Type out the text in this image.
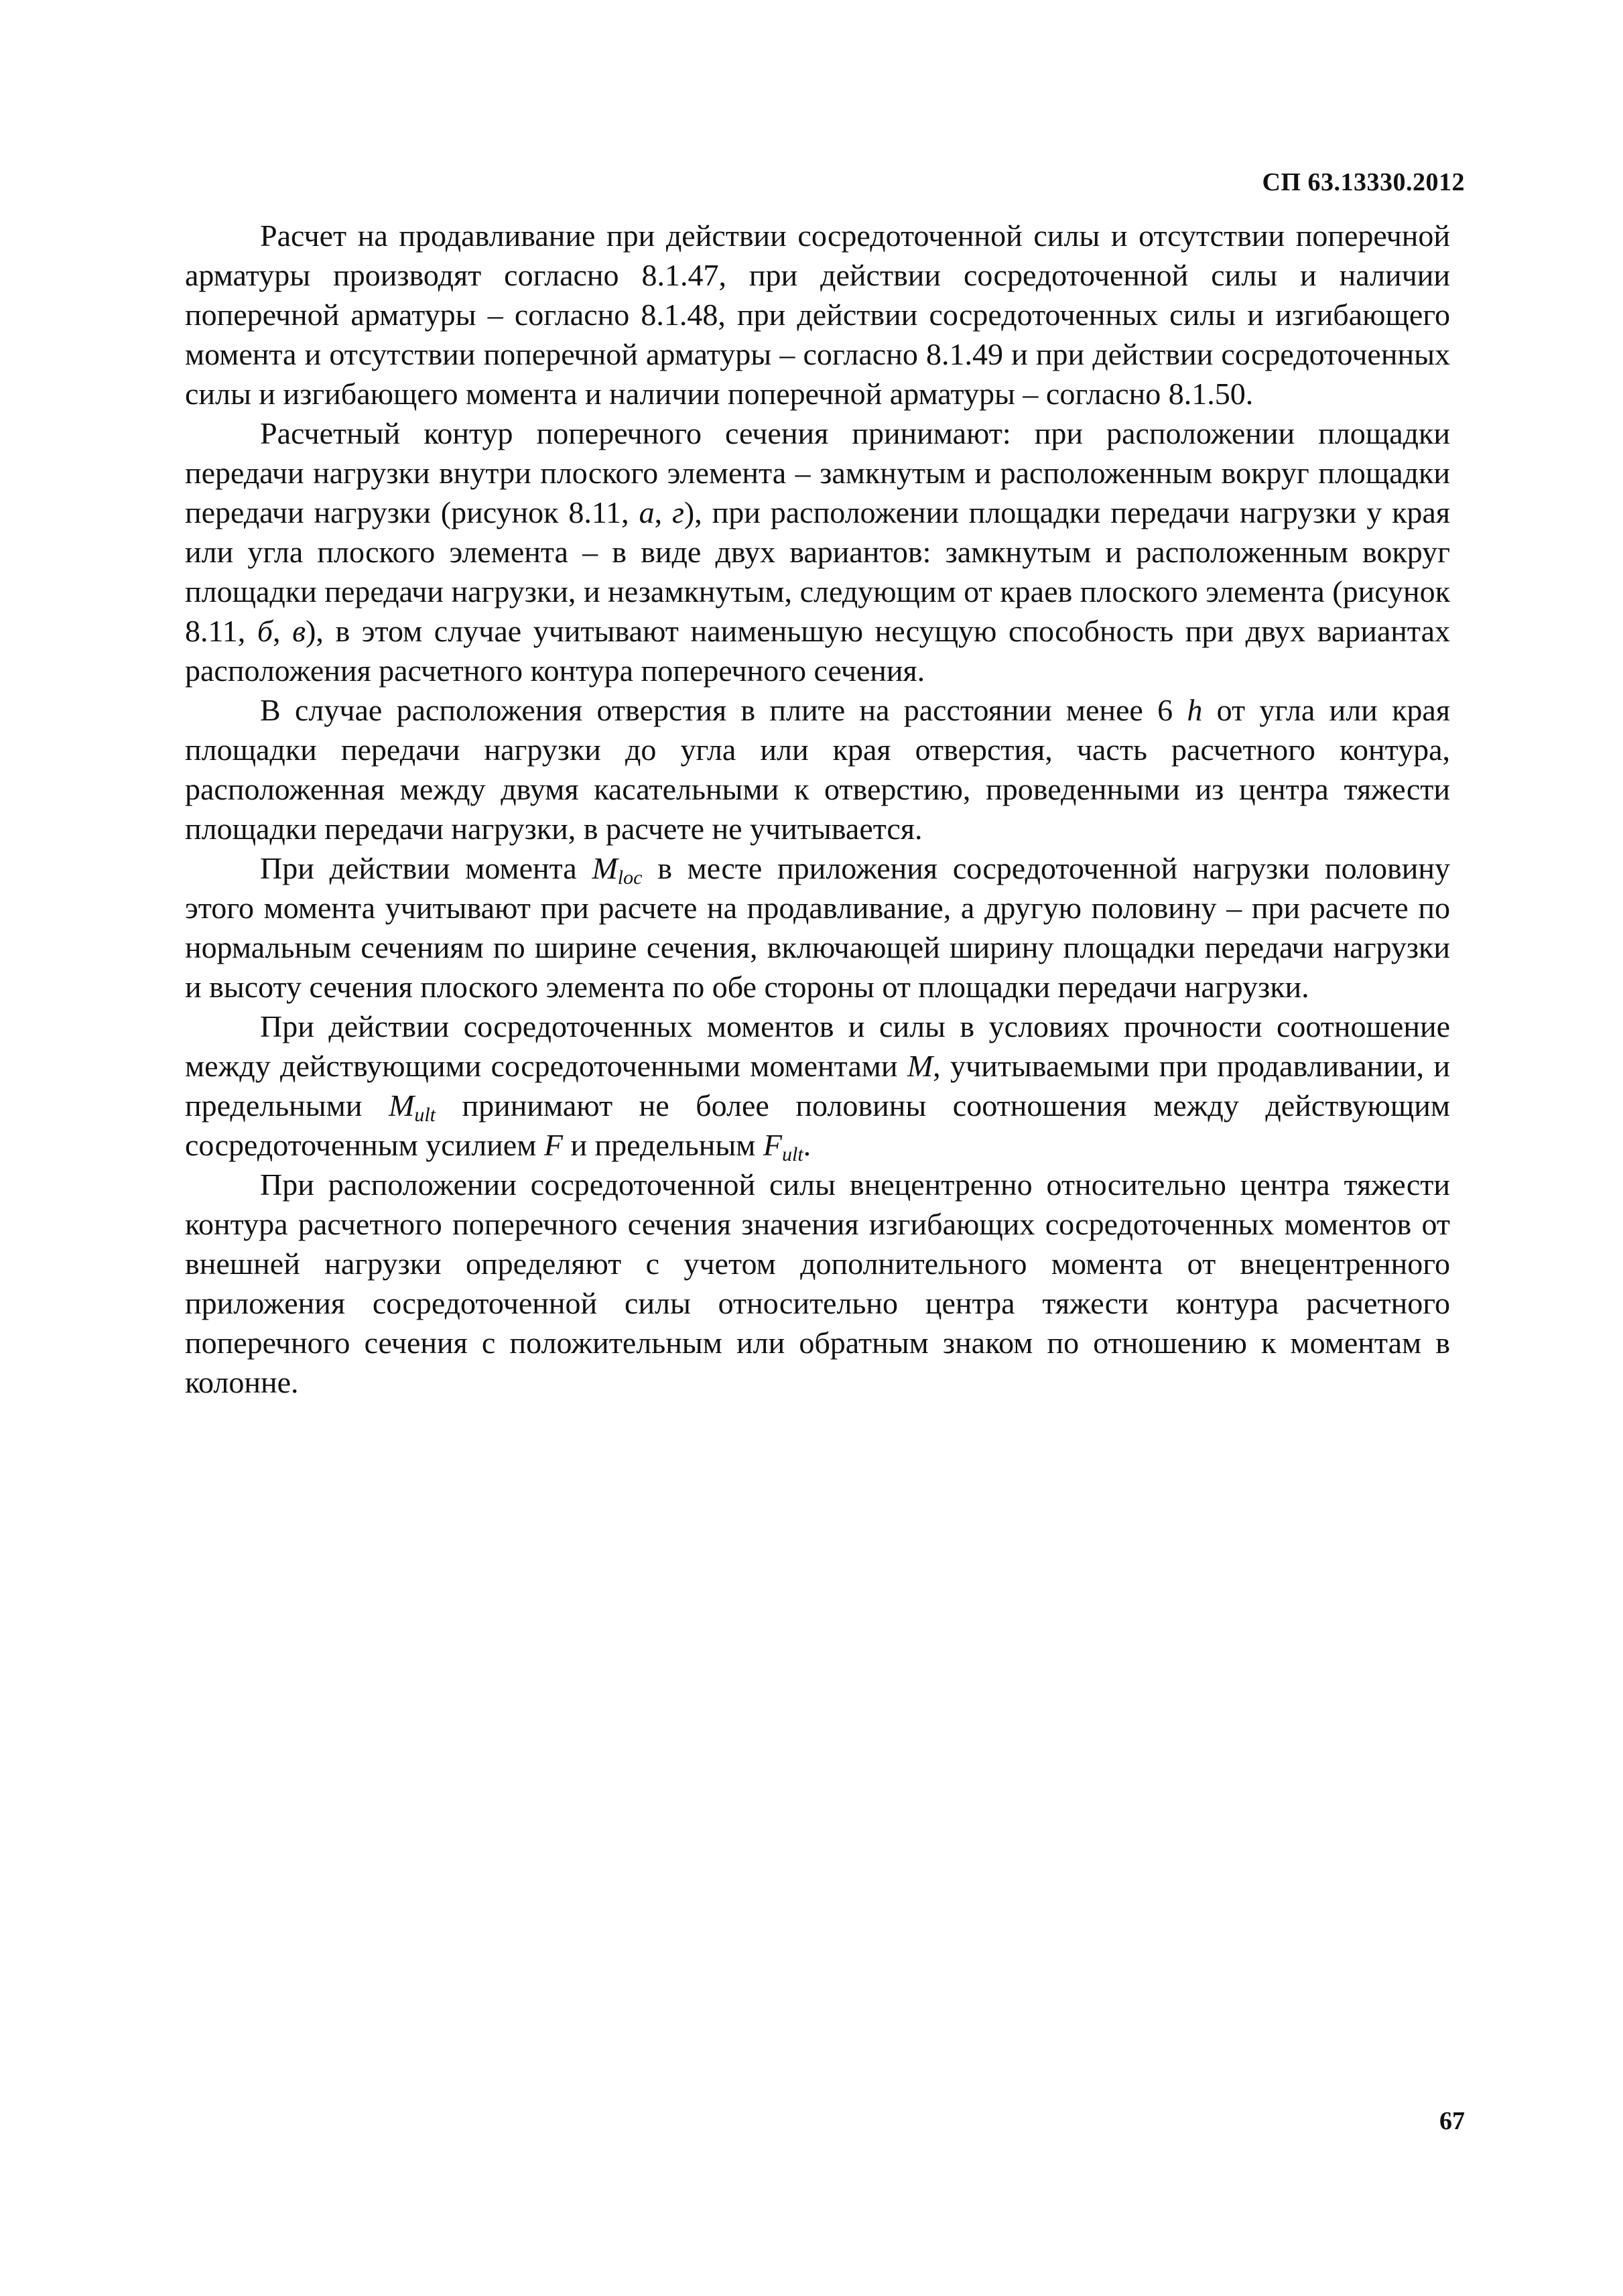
СП 63.13330.2012

Расчет на продавливание при действии сосредоточенной силы и отсутствии поперечной арматуры производят согласно 8.1.47, при действии сосредоточенной силы и наличии поперечной арматуры – согласно 8.1.48, при действии сосредоточенных силы и изгибающего момента и отсутствии поперечной арматуры – согласно 8.1.49 и при действии сосредоточенных силы и изгибающего момента и наличии поперечной арматуры – согласно 8.1.50.

Расчетный контур поперечного сечения принимают: при расположении площадки передачи нагрузки внутри плоского элемента – замкнутым и расположенным вокруг площадки передачи нагрузки (рисунок 8.11, а, г), при расположении площадки передачи нагрузки у края или угла плоского элемента – в виде двух вариантов: замкнутым и расположенным вокруг площадки передачи нагрузки, и незамкнутым, следующим от краев плоского элемента (рисунок 8.11, б, в), в этом случае учитывают наименьшую несущую способность при двух вариантах расположения расчетного контура поперечного сечения.

В случае расположения отверстия в плите на расстоянии менее 6 h от угла или края площадки передачи нагрузки до угла или края отверстия, часть расчетного контура, расположенная между двумя касательными к отверстию, проведенными из центра тяжести площадки передачи нагрузки, в расчете не учитывается.

При действии момента $M_{loc}$ в месте приложения сосредоточенной нагрузки половину этого момента учитывают при расчете на продавливание, а другую половину – при расчете по нормальным сечениям по ширине сечения, включающей ширину площадки передачи нагрузки и высоту сечения плоского элемента по обе стороны от площадки передачи нагрузки.

При действии сосредоточенных моментов и силы в условиях прочности соотношение между действующими сосредоточенными моментами M, учитываемыми при продавливании, и предельными $M_{ult}$ принимают не более половины соотношения между действующим сосредоточенным усилием F и предельным $F_{ult}$.

При расположении сосредоточенной силы внецентренно относительно центра тяжести контура расчетного поперечного сечения значения изгибающих сосредоточенных моментов от внешней нагрузки определяют с учетом дополнительного момента от внецентренного приложения сосредоточенной силы относительно центра тяжести контура расчетного поперечного сечения с положительным или обратным знаком по отношению к моментам в колонне.

67
